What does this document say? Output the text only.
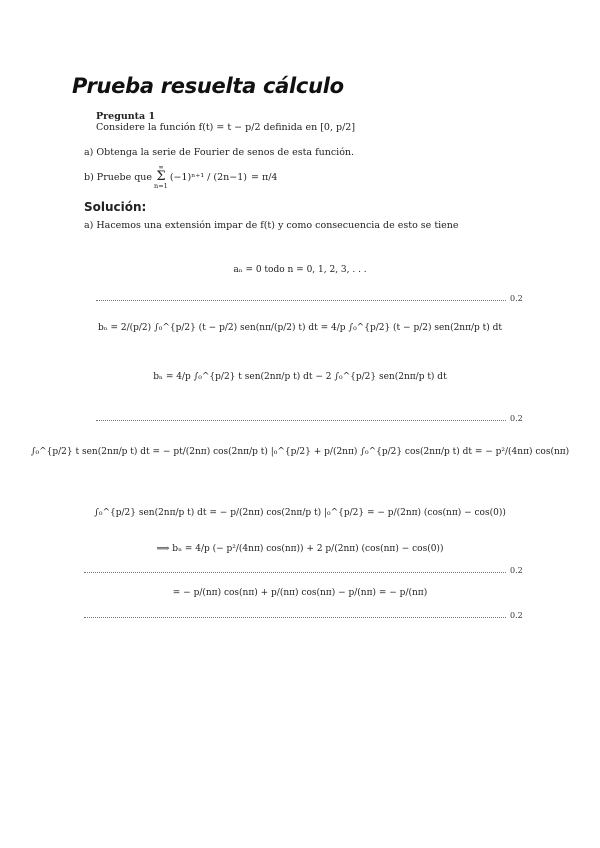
Prueba resuelta cálculo
Pregunta 1
Considere la función f(t) = t − p/2 definida en [0, p/2]
a) Obtenga la serie de Fourier de senos de esta función.
b) Pruebe que
∞
Σ
n=1
(−1)ⁿ⁺¹ / (2n−1) = π/4
Solución:
a) Hacemos una extensión impar de f(t) y como consecuencia de esto se tiene
aₙ = 0 todo n = 0, 1, 2, 3, . . .
0.2
bₙ = 2/(p/2) ∫₀^{p/2} (t − p/2) sen(nπ/(p/2) t) dt = 4/p ∫₀^{p/2} (t − p/2) sen(2nπ/p t) dt
bₙ = 4/p ∫₀^{p/2} t sen(2nπ/p t) dt − 2 ∫₀^{p/2} sen(2nπ/p t) dt
0.2
∫₀^{p/2} t sen(2nπ/p t) dt = − pt/(2nπ) cos(2nπ/p t) |₀^{p/2} + p/(2nπ) ∫₀^{p/2} cos(2nπ/p t) dt = − p²/(4nπ) cos(nπ)
∫₀^{p/2} sen(2nπ/p t) dt = − p/(2nπ) cos(2nπ/p t) |₀^{p/2} = − p/(2nπ) (cos(nπ) − cos(0))
⟹ bₙ = 4/p (− p²/(4nπ) cos(nπ)) + 2 p/(2nπ) (cos(nπ) − cos(0))
0.2
= − p/(nπ) cos(nπ) + p/(nπ) cos(nπ) − p/(nπ) = − p/(nπ)
0.2
